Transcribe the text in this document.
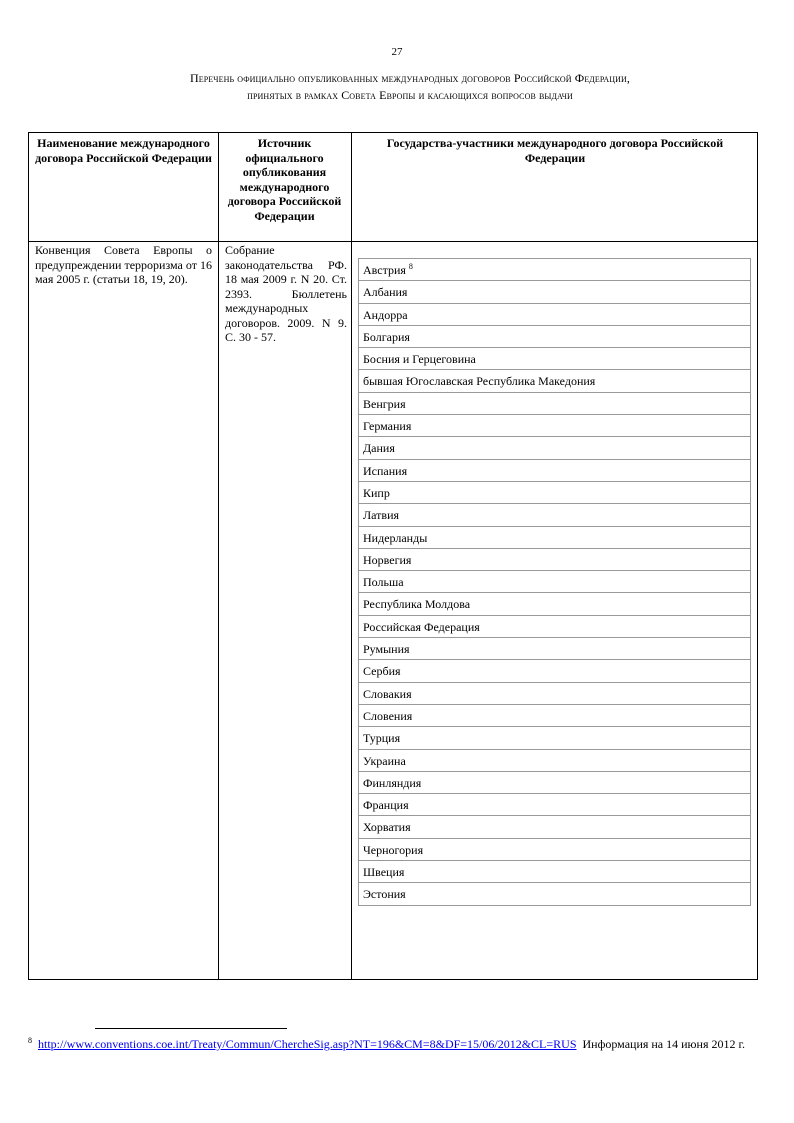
27
Перечень официально опубликованных международных договоров Российской Федерации,
принятых в рамках Совета Европы и касающихся вопросов выдачи
Наименование международного договора Российской Федерации
Источник официального опубликования международного договора Российской Федерации
Государства-участники международного договора Российской Федерации
Конвенция Совета Европы о предупреждении терроризма от 16 мая 2005 г. (статьи 18, 19, 20).
Собрание законодательства РФ. 18 мая 2009 г. N 20. Ст. 2393. Бюллетень международных договоров. 2009. N 9. С. 30 - 57.
Австрия $^8$
Албания
Андорра
Болгария
Босния и Герцеговина
бывшая Югославская Республика Македония
Венгрия
Германия
Дания
Испания
Кипр
Латвия
Нидерланды
Норвегия
Польша
Республика Молдова
Российская Федерация
Румыния
Сербия
Словакия
Словения
Турция
Украина
Финляндия
Франция
Хорватия
Черногория
Швеция
Эстония
$^8$ http://www.conventions.coe.int/Treaty/Commun/ChercheSig.asp?NT=196&CM=8&DF=15/06/2012&CL=RUS Информация на 14 июня 2012 г.
